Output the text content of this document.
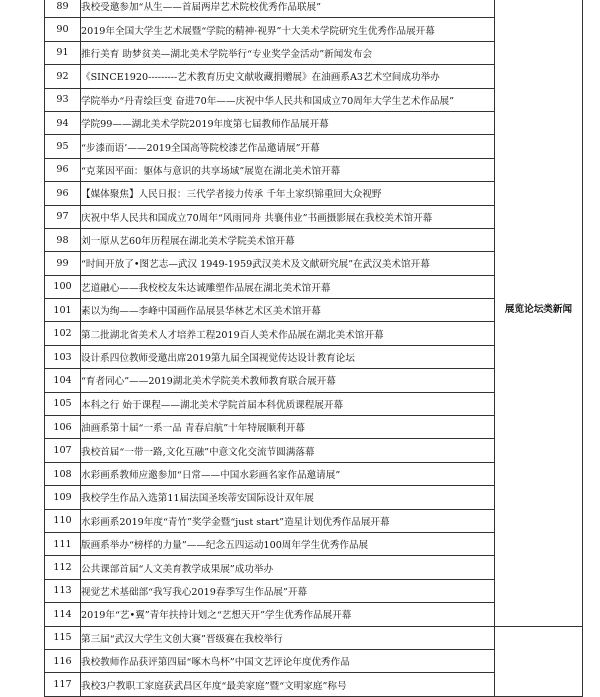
89	我校受邀参加“从生——首届两岸艺术院校优秀作品联展”	展览论坛类新闻
90	2019年全国大学生艺术展暨“学院的精神·视界”十大美术学院研究生优秀作品展开幕	
91	推行美育 助梦贫美—湖北美术学院举行“专业奖学金活动”新闻发布会	
92	《SINCE1920---------艺术教育历史文献收藏捐赠展》在油画系A3艺术空间成功举办	
93	学院举办“丹青绘巨变 奋进70年——庆祝中华人民共和国成立70周年大学生艺术作品展”	
94	学院99——湖北美术学院2019年度第七届教师作品展开幕	
95	“步漆而语’——2019全国高等院校漆艺作品邀请展”开幕	
96	“克莱因平面：躯体与意识的共享场域”展览在湖北美术馆开幕	
96	【媒体聚焦】人民日报：三代学者接力传承 千年土家织锦重回大众视野	
97	庆祝中华人民共和国成立70周年“风雨同舟 共襄伟业”书画摄影展在我校美术馆开幕	
98	刘一原从艺60年历程展在湖北美术学院美术馆开幕	
99	“时间开放了•图艺志—武汉 1949-1959武汉美术及文献研究展”在武汉美术馆开幕	
100	艺道融心——我校校友朱达诚雕塑作品展在湖北美术馆开幕	
101	素以为绚——李峰中国画作品展昙华林艺术区美术馆开幕	
102	第二批湖北省美术人才培养工程2019百人美术作品展在湖北美术馆开幕	
103	设计系四位教师受邀出席2019第九届全国视觉传达设计教育论坛	
104	“育者同心”——2019湖北美术学院美术教师教育联合展开幕	
105	本科之行 始于课程——湖北美术学院首届本科优质课程展开幕	
106	油画系第十届“一系一品 青春启航”十年特展顺利开幕	
107	我校首届“一带一路,文化互融”中意文化交流节圆满落幕	
108	水彩画系教师应邀参加“日常——中国水彩画名家作品邀请展”	
109	我校学生作品入选第11届法国圣埃蒂安国际设计双年展	
110	水彩画系2019年度“青竹”奖学金暨“just start”造星计划优秀作品展开幕	
111	版画系举办“榜样的力量”——纪念五四运动100周年学生优秀作品展	
112	公共课部首届“人文美育教学成果展”成功举办	
113	视觉艺术基础部“我写我心2019春季写生作品展”开幕	
114	2019年“艺•翼”青年扶持计划之“艺想天开”学生优秀作品展开幕	
115	第三届“武汉大学生文创大赛”晋级赛在我校举行	
116	我校教师作品获评第四届“啄木鸟杯”中国文艺评论年度优秀作品	
117	我校3户教职工家庭获武昌区年度“最美家庭”暨“文明家庭”称号	
